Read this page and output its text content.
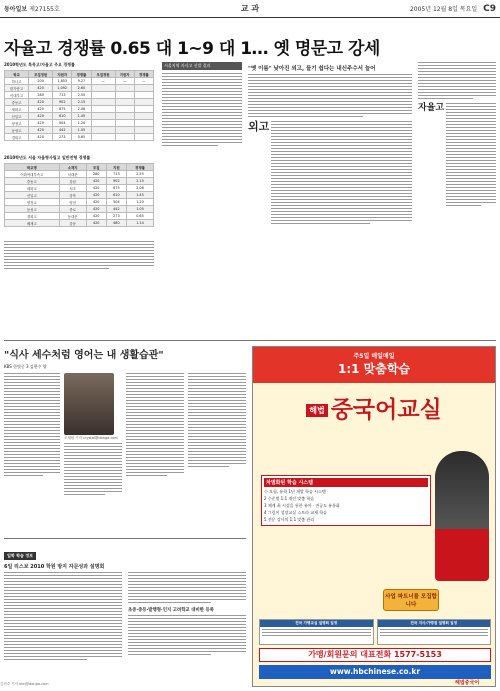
동아일보 제27155호	교 과	2005년 12월 8일 목요일 C9
자율고 경쟁률 0.65 대 1~9 대 1… 옛 명문고 강세
2010학년도 특목고/자율고 주요 경쟁률
학교	모집정원	지원자	경쟁률	모집정원	지원자	경쟁률
하나고	200	1,853	9.27	—	—	—
한가람고	420	1,092	2.60			
이대부고	280	713	2.55			
중동고	420	902	2.15			
세화고	420	875	2.08			
신일고	420	610	1.45			
양정고	420	504	1.20			
동성고	420	442	1.05			
경희고	420	273	0.65			
2010학년도 서울 자율형사립고 일반전형 경쟁률
학교명	소재지	모집	지원	경쟁률
이화여대부속고	서대문	280	713	2.55
중동고	강남	420	902	2.15
세화고	서초	420	875	2.08
신일고	강북	420	610	1.45
양정고	양천	420	504	1.20
동성고	종로	420	442	1.05
경희고	동대문	420	273	0.65
배재고	강동	420	480	1.14
서울지역 자사고 선발 결과
"옛 이름" 낮아진 외고, 들기 쉽다는 내신주수서 늘어
외고
자율고
"식사 세수처럼 영어는 내 생활습관"
KBS 한빛중 3 김현수 양
오재원 기자 crystal@donga.com
입학 학습 정보
6일 리스보 2010 학원 방지 자문성과 설명회
초중·중등·발행형·인지 고려학교 대비한 등록
김현수 기자 kim@donga.com
주5일 매일매일
1:1 맞춤학습
해법 중국어교실
차별화된 학습 시스템
수 오필, 유학 1년 개발 학습 시스템
2 수준별 1:1 개인 맞춤 학습
3 체계 최 시설을 통한 유아 · 전공도 유통화
4 그림이 성장교실 스트라 교재 학습
5 전문 강사의 1:1 맞춤 관리
사업 파트너를 모집합니다
전국 가맹교실 설명회 일정	전국 지사/가맹점 설명회 일정
가맹/회원문의 대표전화 1577-5153
www.hbchinese.co.kr
해법중국어
